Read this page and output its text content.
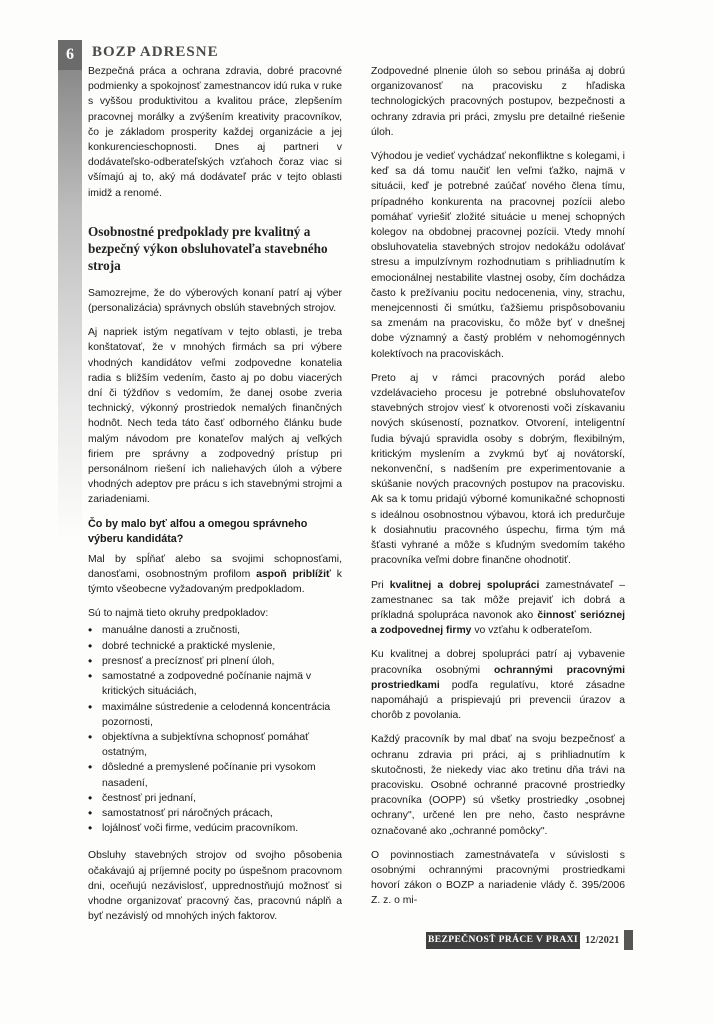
6	BOZP ADRESNE

Bezpečná práca a ochrana zdravia, dobré pracovné podmienky a spokojnosť zamestnancov idú ruka v ruke s vyššou produktivitou a kvalitou práce, zlepšením pracovnej morálky a zvýšením kreativity pracovníkov, čo je základom prosperity každej organizácie a jej konkurencieschopnosti. Dnes aj partneri v dodávateľsko-odberateľských vzťahoch čoraz viac si všímajú aj to, aký má dodávateľ prác v tejto oblasti imidž a renomé.

Osobnostné predpoklady pre kvalitný a bezpečný výkon obsluhovateľa stavebného stroja

Samozrejme, že do výberových konaní patrí aj výber (personalizácia) správnych obslúh stavebných strojov.

Aj napriek istým negatívam v tejto oblasti, je treba konštatovať, že v mnohých firmách sa pri výbere vhodných kandidátov veľmi zodpovedne konatelia radia s bližším vedením, často aj po dobu viacerých dní či týždňov s vedomím, že danej osobe zveria technický, výkonný prostriedok nemalých finančných hodnôt. Nech teda táto časť odborného článku bude malým návodom pre konateľov malých aj veľkých firiem pre správny a zodpovedný prístup pri personálnom riešení ich naliehavých úloh a výbere vhodných adeptov pre prácu s ich stavebnými strojmi a zariadeniami.

Čo by malo byť alfou a omegou správneho výberu kandidáta?

Mal by spĺňať alebo sa svojimi schopnosťami, danosťami, osobnostným profilom aspoň priblížiť k týmto všeobecne vyžadovaným predpokladom.

Sú to najmä tieto okruhy predpokladov:

• manuálne danosti a zručnosti,
• dobré technické a praktické myslenie,
• presnosť a precíznosť pri plnení úloh,
• samostatné a zodpovedné počínanie najmä v kritických situáciách,
• maximálne sústredenie a celodenná koncentrácia pozornosti,
• objektívna a subjektívna schopnosť pomáhať ostatným,
• dôsledné a premyslené počínanie pri vysokom nasadení,
• čestnosť pri jednaní,
• samostatnosť pri náročných prácach,
• lojálnosť voči firme, vedúcim pracovníkom.

Obsluhy stavebných strojov od svojho pôsobenia očakávajú aj príjemné pocity po úspešnom pracovnom dni, oceňujú nezávislosť, upprednostňujú možnosť si vhodne organizovať pracovný čas, pracovnú náplň a byť nezávislý od mnohých iných faktorov.

Zodpovedné plnenie úloh so sebou prináša aj dobrú organizovanosť na pracovisku z hľadiska technologických pracovných postupov, bezpečnosti a ochrany zdravia pri práci, zmyslu pre detailné riešenie úloh.

Výhodou je vedieť vychádzať nekonfliktne s kolegami, i keď sa dá tomu naučiť len veľmi ťažko, najmä v situácii, keď je potrebné zaúčať nového člena tímu, prípadného konkurenta na pracovnej pozícii alebo pomáhať vyriešiť zložité situácie u menej schopných kolegov na obdobnej pracovnej pozícii. Vtedy mnohí obsluhovatelia stavebných strojov nedokážu odolávať stresu a impulzívnym rozhodnutiam s prihliadnutím k emocionálnej nestabilite vlastnej osoby, čím dochádza často k prežívaniu pocitu nedocenenia, viny, strachu, menejcennosti či smútku, ťažšiemu prispôsobovaniu sa zmenám na pracovisku, čo môže byť v dnešnej dobe významný a častý problém v nehomogénnych kolektívoch na pracoviskách.

Preto aj v rámci pracovných porád alebo vzdelávacieho procesu je potrebné obsluhovateľov stavebných strojov viesť k otvorenosti voči získavaniu nových skúseností, poznatkov. Otvorení, inteligentní ľudia bývajú spravidla osoby s dobrým, flexibilným, kritickým myslením a zvykmú byť aj novátorskí, nekonvenční, s nadšením pre experimentovanie a skúšanie nových pracovných postupov na pracovisku. Ak sa k tomu pridajú výborné komunikačné schopnosti s ideálnou osobnostnou výbavou, ktorá ich predurčuje k dosiahnutiu pracovného úspechu, firma tým má šťasti vyhrané a môže s kľudným svedomím takého pracovníka veľmi dobre finančne ohodnotiť.

Pri kvalitnej a dobrej spolupráci zamestnávateľ – zamestnanec sa tak môže prejaviť ich dobrá a príkladná spolupráca navonok ako činnosť serióznej a zodpovednej firmy vo vzťahu k odberateľom.

Ku kvalitnej a dobrej spolupráci patrí aj vybavenie pracovníka osobnými ochrannými pracovnými prostriedkami podľa regulatívu, ktoré zásadne napomáhajú a prispievajú pri prevencii úrazov a chorôb z povolania.

Každý pracovník by mal dbať na svoju bezpečnosť a ochranu zdravia pri práci, aj s prihliadnutím k skutočnosti, že niekedy viac ako tretinu dňa trávi na pracovisku. Osobné ochranné pracovné prostriedky pracovníka (OOPP) sú všetky prostriedky „osobnej ochrany", určené len pre neho, často nesprávne označované ako „ochranné pomôcky".

O povinnostiach zamestnávateľa v súvislosti s osobnými ochrannými pracovnými prostriedkami hovorí zákon o BOZP a nariadenie vlády č. 395/2006 Z. z. o mi-

BEZPEČNOSŤ PRÁCE V PRAXI 12/2021
